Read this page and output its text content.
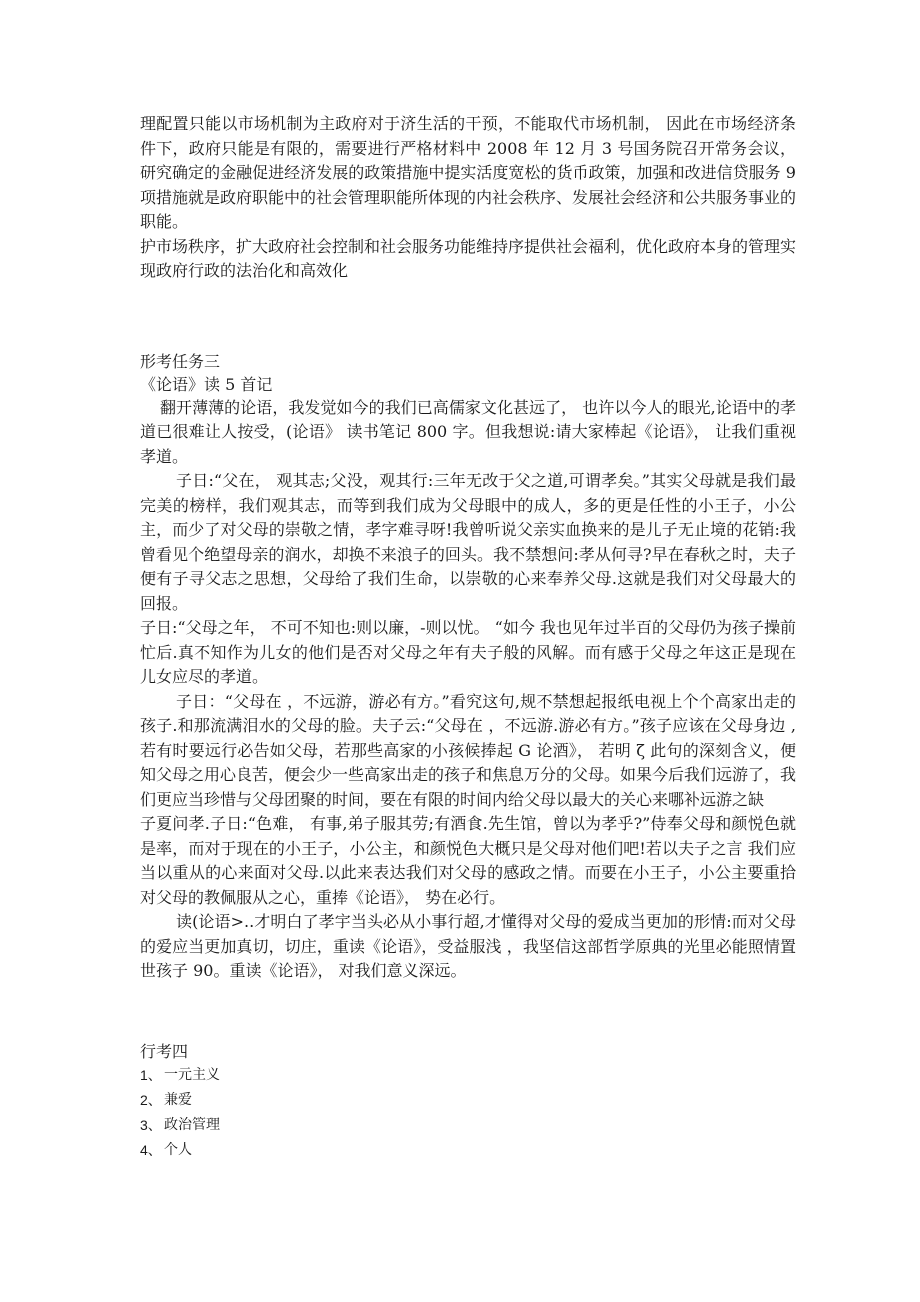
理配置只能以市场机制为主政府对于济生活的干预，不能取代市场机制， 因此在市场经济条件下，政府只能是有限的，需要进行严格材料中 2008 年 12 月 3 号国务院召开常务会议，研究确定的金融促进经济发展的政策措施中提实活度宽松的货币政策，加强和改进信贷服务 9 项措施就是政府职能中的社会管理职能所体现的内社会秩序、发展社会经济和公共服务事业的职能。

护市场秩序，扩大政府社会控制和社会服务功能维持序提供社会福利，优化政府本身的管理实现政府行政的法治化和高效化

形考任务三

《论语》读 5 首记

翻开薄薄的论语，我发觉如今的我们已高儒家文化甚远了， 也许以今人的眼光,论语中的孝道已很难让人按受，(论语》 读书笔记 800 字。但我想说:请大家棒起《论语》， 让我们重视孝道。

子日:“父在， 观其志;父没，观其行:三年无改于父之道,可谓孝矣。”其实父母就是我们最完美的榜样，我们观其志，而等到我们成为父母眼中的成人，多的更是任性的小王子，小公主，而少了对父母的崇敬之情，孝字难寻呀!我曾听说父亲实血换来的是儿子无止境的花销:我曾看见个绝望母亲的润水，却换不来浪子的回头。我不禁想问:孝从何寻?早在春秋之时，夫子便有子寻父志之思想，父母给了我们生命，以崇敬的心来奉养父母.这就是我们对父母最大的回报。

子日:“父母之年， 不可不知也:则以廉，-则以忧。 “如今 我也见年过半百的父母仍为孩子操前忙后.真不知作为儿女的他们是否对父母之年有夫子般的风解。而有感于父母之年这正是现在儿女应尽的孝道。

子日：“父母在 ，不远游，游必有方。”看究这句,规不禁想起报纸电视上个个高家出走的孩子.和那流满泪水的父母的脸。夫子云:“父母在 ，不远游.游必有方。”孩子应该在父母身边 ,若有时要远行必告如父母，若那些高家的小孩候捧起 G 论酒》， 若明 ζ 此句的深刻含义，便知父母之用心良苦，便会少一些高家出走的孩子和焦息万分的父母。如果今后我们远游了，我们更应当珍惜与父母团聚的时间，要在有限的时间内给父母以最大的关心来哪补远游之缺

子夏问孝.子日:“色难， 有事,弟子服其劳;有酒食.先生馆，曾以为孝乎?”侍奉父母和颜悦色就是率，而对于现在的小王子，小公主，和颜悦色大概只是父母对他们吧!若以夫子之言 我们应当以重从的心来面对父母.以此来表达我们对父母的感政之情。而要在小王子，小公主要重拾对父母的教佩服从之心，重捧《论语》， 势在必行。

读(论语>..才明白了孝宇当头必从小事行超,才懂得对父母的爱成当更加的形情:而对父母的爱应当更加真切，切庄，重读《论语》，受益服浅 ，我坚信这部哲学原典的光里必能照情置世孩子 90。重读《论语》， 对我们意义深远。

行考四

1、 一元主义
2、 兼爱
3、 政治管理
4、 个人
